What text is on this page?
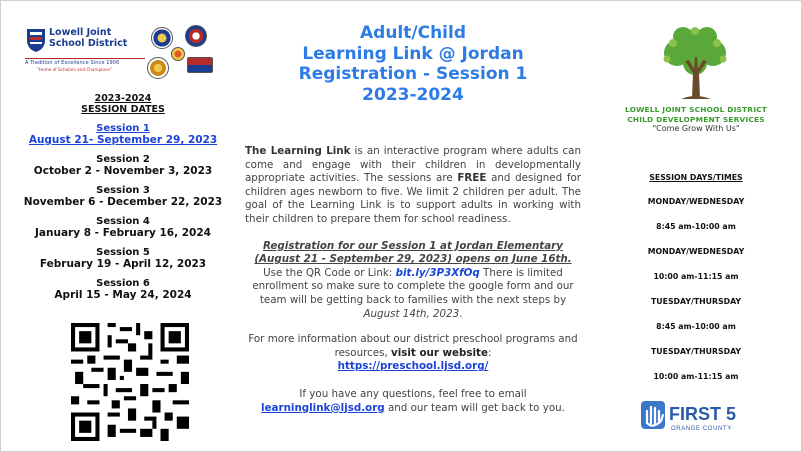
Lowell Joint School District
A Tradition of Excellence Since 1906
"Home of Scholars and Champions"
2023-2024
SESSION DATES
Session 1
August 21- September 29, 2023
Session 2
October 2 - November 3, 2023
Session 3
November 6 - December 22, 2023
Session 4
January 8 - February 16, 2024
Session 5
February 19 - April 12, 2023
Session 6
April 15 - May 24, 2024
Adult/Child
Learning Link @ Jordan
Registration - Session 1
2023-2024

The Learning Link is an interactive program where adults can come and engage with their children in developmentally appropriate activities. The sessions are FREE and designed for children ages newborn to five. We limit 2 children per adult. The goal of the Learning Link is to support adults in working with their children to prepare them for school readiness.

Registration for our Session 1 at Jordan Elementary (August 21 - September 29, 2023) opens on June 16th. Use the QR Code or Link: bit.ly/3P3XfOq There is limited enrollment so make sure to complete the google form and our team will be getting back to families with the next steps by August 14th, 2023.

For more information about our district preschool programs and resources, visit our website:
https://preschool.ljsd.org/

If you have any questions, feel free to email
learninglink@ljsd.org and our team will get back to you.

LOWELL JOINT SCHOOL DISTRICT
CHILD DEVELOPMENT SERVICES
"Come Grow With Us"
SESSION DAYS/TIMES
MONDAY/WEDNESDAY
8:45 am-10:00 am
MONDAY/WEDNESDAY
10:00 am-11:15 am
TUESDAY/THURSDAY
8:45 am-10:00 am
TUESDAY/THURSDAY
10:00 am-11:15 am
FIRST 5
ORANGE COUNTY
